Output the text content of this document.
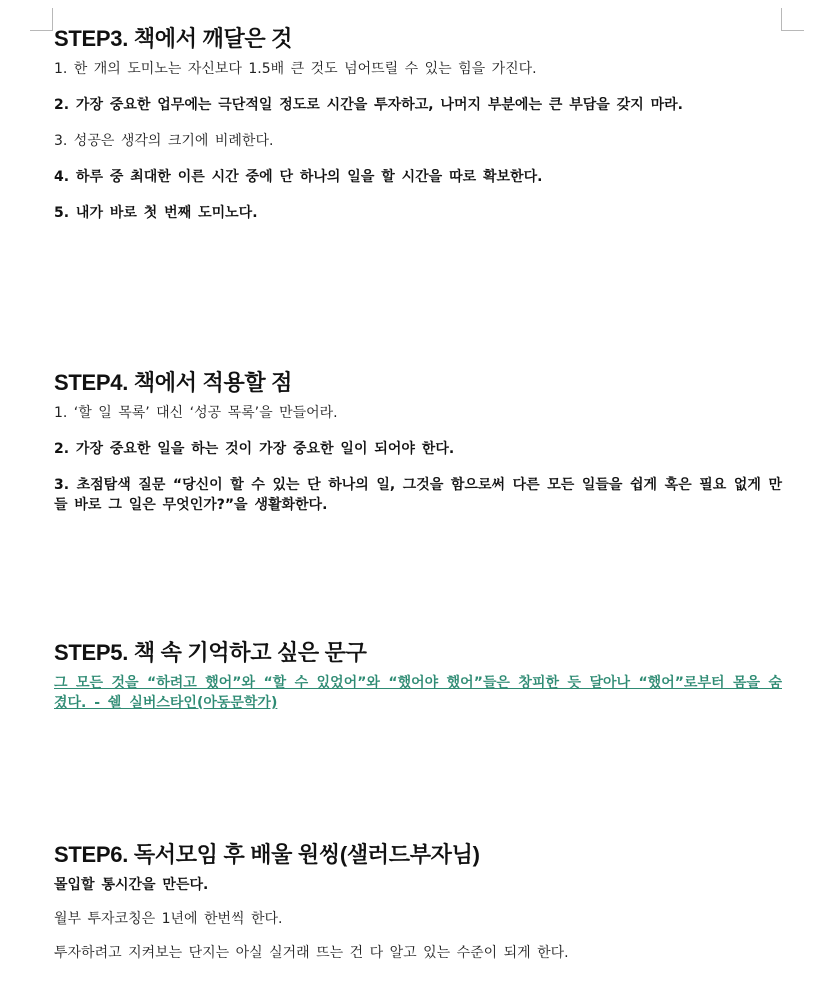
STEP3. 책에서 깨달은 것

1. 한 개의 도미노는 자신보다 1.5배 큰 것도 넘어뜨릴 수 있는 힘을 가진다.

2. 가장 중요한 업무에는 극단적일 정도로 시간을 투자하고, 나머지 부분에는 큰 부담을 갖지 마라.

3. 성공은 생각의 크기에 비례한다.

4. 하루 중 최대한 이른 시간 중에 단 하나의 일을 할 시간을 따로 확보한다.

5. 내가 바로 첫 번째 도미노다.

STEP4. 책에서 적용할 점

1. ‘할 일 목록’ 대신 ‘성공 목록’을 만들어라.

2. 가장 중요한 일을 하는 것이 가장 중요한 일이 되어야 한다.

3. 초점탐색 질문 “당신이 할 수 있는 단 하나의 일, 그것을 함으로써 다른 모든 일들을 쉽게 혹은 필요 없게 만들 바로 그 일은 무엇인가?”을 생활화한다.

STEP5. 책 속 기억하고 싶은 문구

그 모든 것을 “하려고 했어”와 “할 수 있었어”와 “했어야 했어”들은 창피한 듯 달아나 “했어”로부터 몸을 숨겼다. - 쉘 실버스타인(아동문학가)

STEP6. 독서모임 후 배울 원씽(샐러드부자님)

몰입할 통시간을 만든다.

월부 투자코칭은 1년에 한번씩 한다.

투자하려고 지켜보는 단지는 아실 실거래 뜨는 건 다 알고 있는 수준이 되게 한다.
